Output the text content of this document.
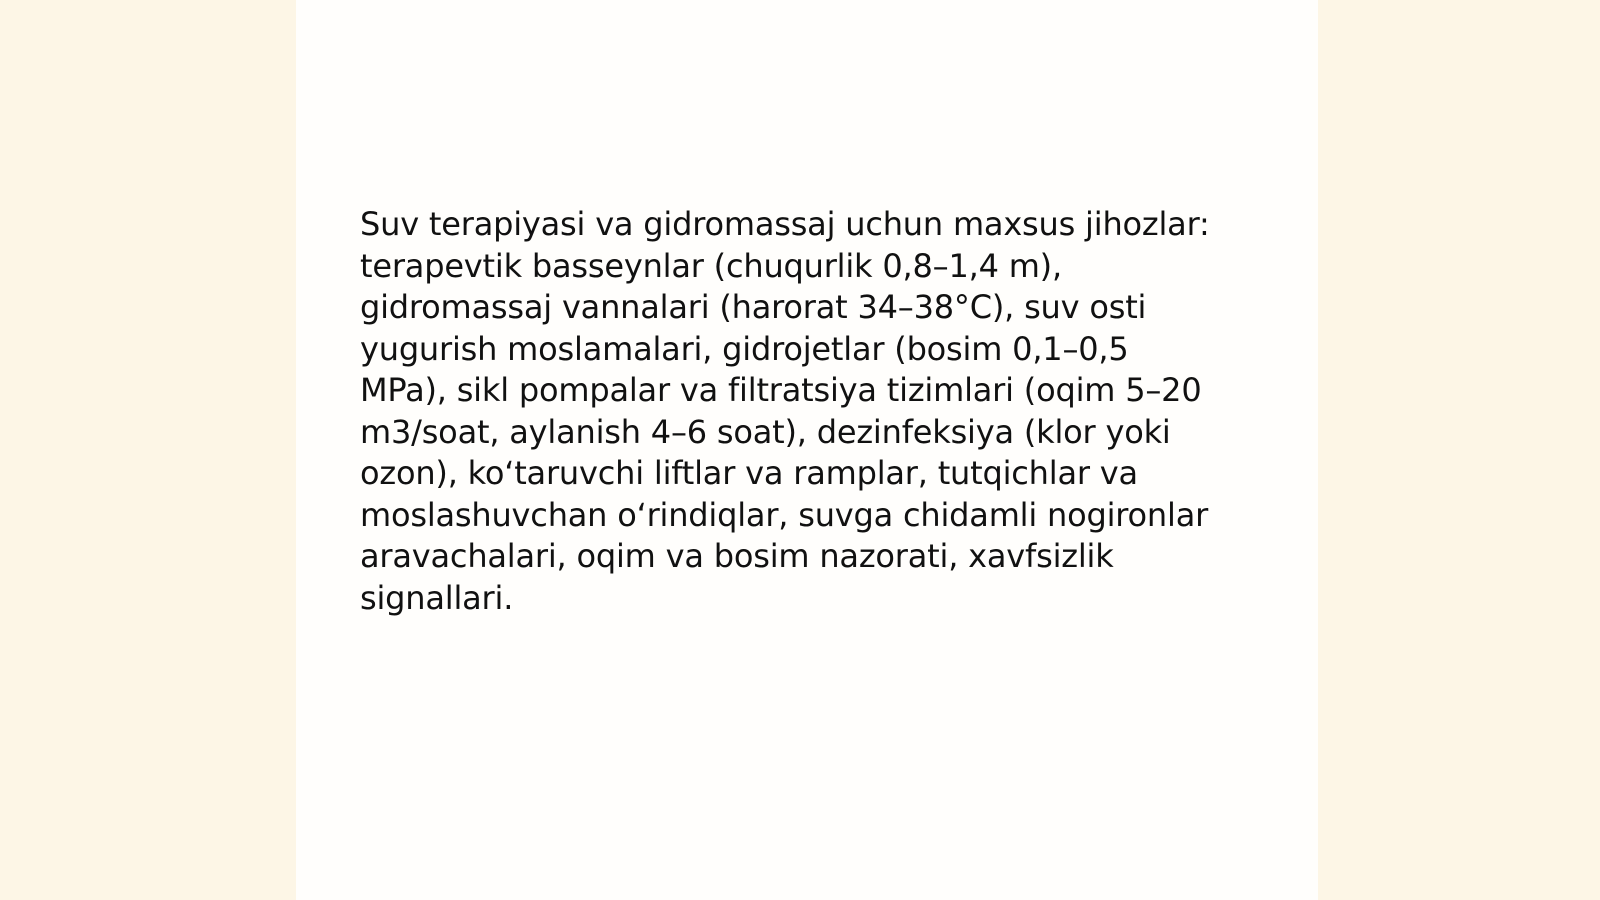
Suv terapiyasi va gidromassaj uchun maxsus jihozlar:
terapevtik basseynlar (chuqurlik 0,8–1,4 m),
gidromassaj vannalari (harorat 34–38°C), suv osti
yugurish moslamalari, gidrojetlar (bosim 0,1–0,5
MPa), sikl pompalar va filtratsiya tizimlari (oqim 5–20
m3/soat, aylanish 4–6 soat), dezinfeksiya (klor yoki
ozon), koʻtaruvchi liftlar va ramplar, tutqichlar va
moslashuvchan oʻrindiqlar, suvga chidamli nogironlar
aravachalari, oqim va bosim nazorati, xavfsizlik
signallari.
